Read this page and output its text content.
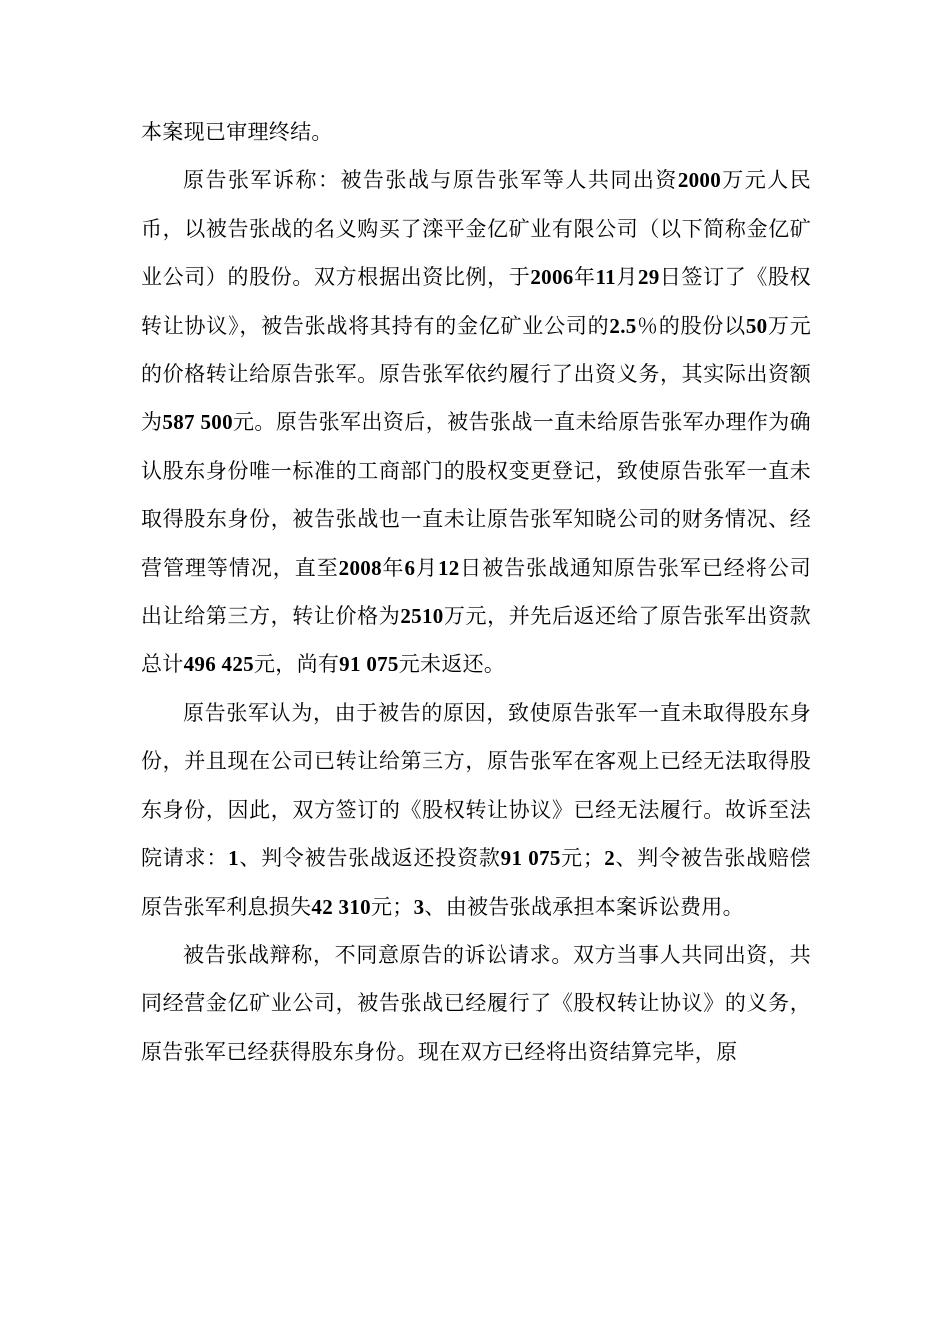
本案现已审理终结。

原告张军诉称：被告张战与原告张军等人共同出资2000万元人民币，以被告张战的名义购买了滦平金亿矿业有限公司（以下简称金亿矿业公司）的股份。双方根据出资比例，于2006年11月29日签订了《股权转让协议》，被告张战将其持有的金亿矿业公司的2.5％的股份以50万元的价格转让给原告张军。原告张军依约履行了出资义务，其实际出资额为587 500元。原告张军出资后，被告张战一直未给原告张军办理作为确认股东身份唯一标准的工商部门的股权变更登记，致使原告张军一直未取得股东身份，被告张战也一直未让原告张军知晓公司的财务情况、经营管理等情况，直至2008年6月12日被告张战通知原告张军已经将公司出让给第三方，转让价格为2510万元，并先后返还给了原告张军出资款总计496 425元，尚有91 075元未返还。

原告张军认为，由于被告的原因，致使原告张军一直未取得股东身份，并且现在公司已转让给第三方，原告张军在客观上已经无法取得股东身份，因此，双方签订的《股权转让协议》已经无法履行。故诉至法院请求：1、判令被告张战返还投资款91 075元；2、判令被告张战赔偿原告张军利息损失42 310元；3、由被告张战承担本案诉讼费用。

被告张战辩称，不同意原告的诉讼请求。双方当事人共同出资，共同经营金亿矿业公司，被告张战已经履行了《股权转让协议》的义务，原告张军已经获得股东身份。现在双方已经将出资结算完毕，原
